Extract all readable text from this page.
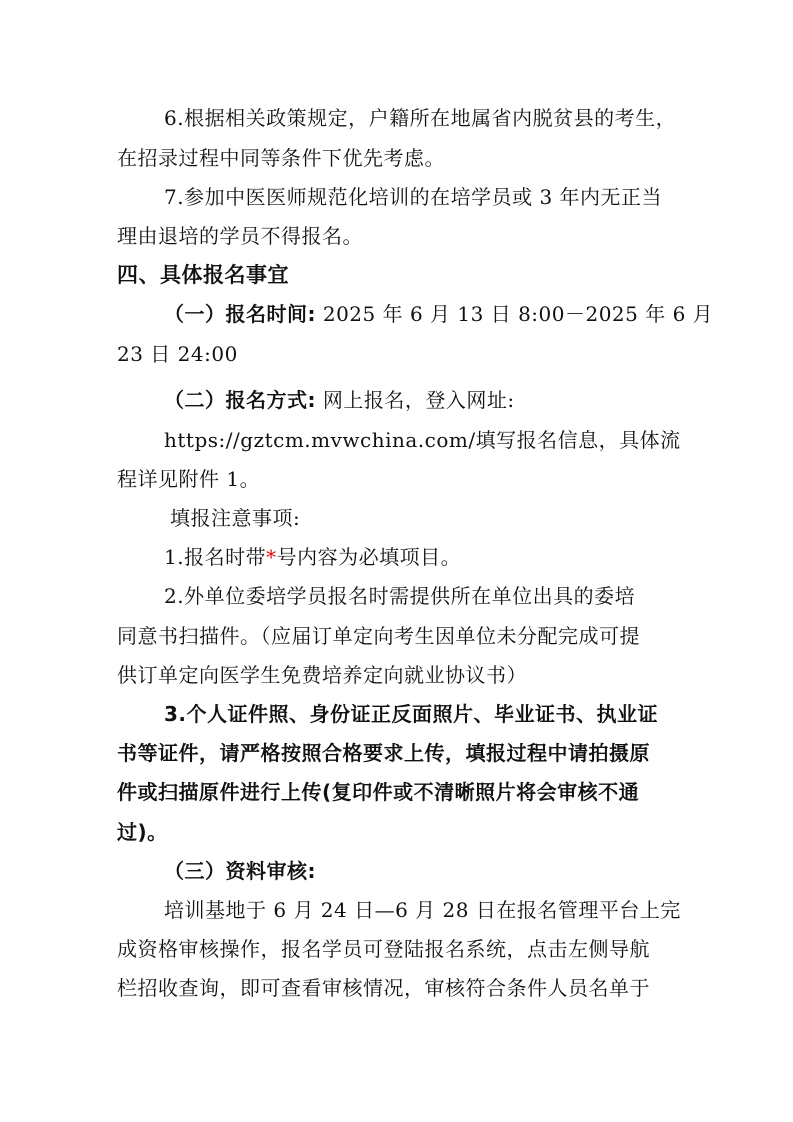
6.根据相关政策规定，户籍所在地属省内脱贫县的考生，
在招录过程中同等条件下优先考虑。
7.参加中医医师规范化培训的在培学员或 3 年内无正当
理由退培的学员不得报名。
四、具体报名事宜
（一）报名时间: 2025 年 6 月 13 日 8:00－2025 年 6 月
23 日 24:00
（二）报名方式: 网上报名，登入网址:
https://gztcm.mvwchina.com/填写报名信息，具体流
程详见附件 1。
填报注意事项:
1.报名时带*号内容为必填项目。
2.外单位委培学员报名时需提供所在单位出具的委培
同意书扫描件。（应届订单定向考生因单位未分配完成可提
供订单定向医学生免费培养定向就业协议书）
3.个人证件照、身份证正反面照片、毕业证书、执业证
书等证件，请严格按照合格要求上传，填报过程中请拍摄原
件或扫描原件进行上传(复印件或不清晰照片将会审核不通
过)。
（三）资料审核:
培训基地于 6 月 24 日—6 月 28 日在报名管理平台上完
成资格审核操作，报名学员可登陆报名系统，点击左侧导航
栏招收查询，即可查看审核情况，审核符合条件人员名单于
